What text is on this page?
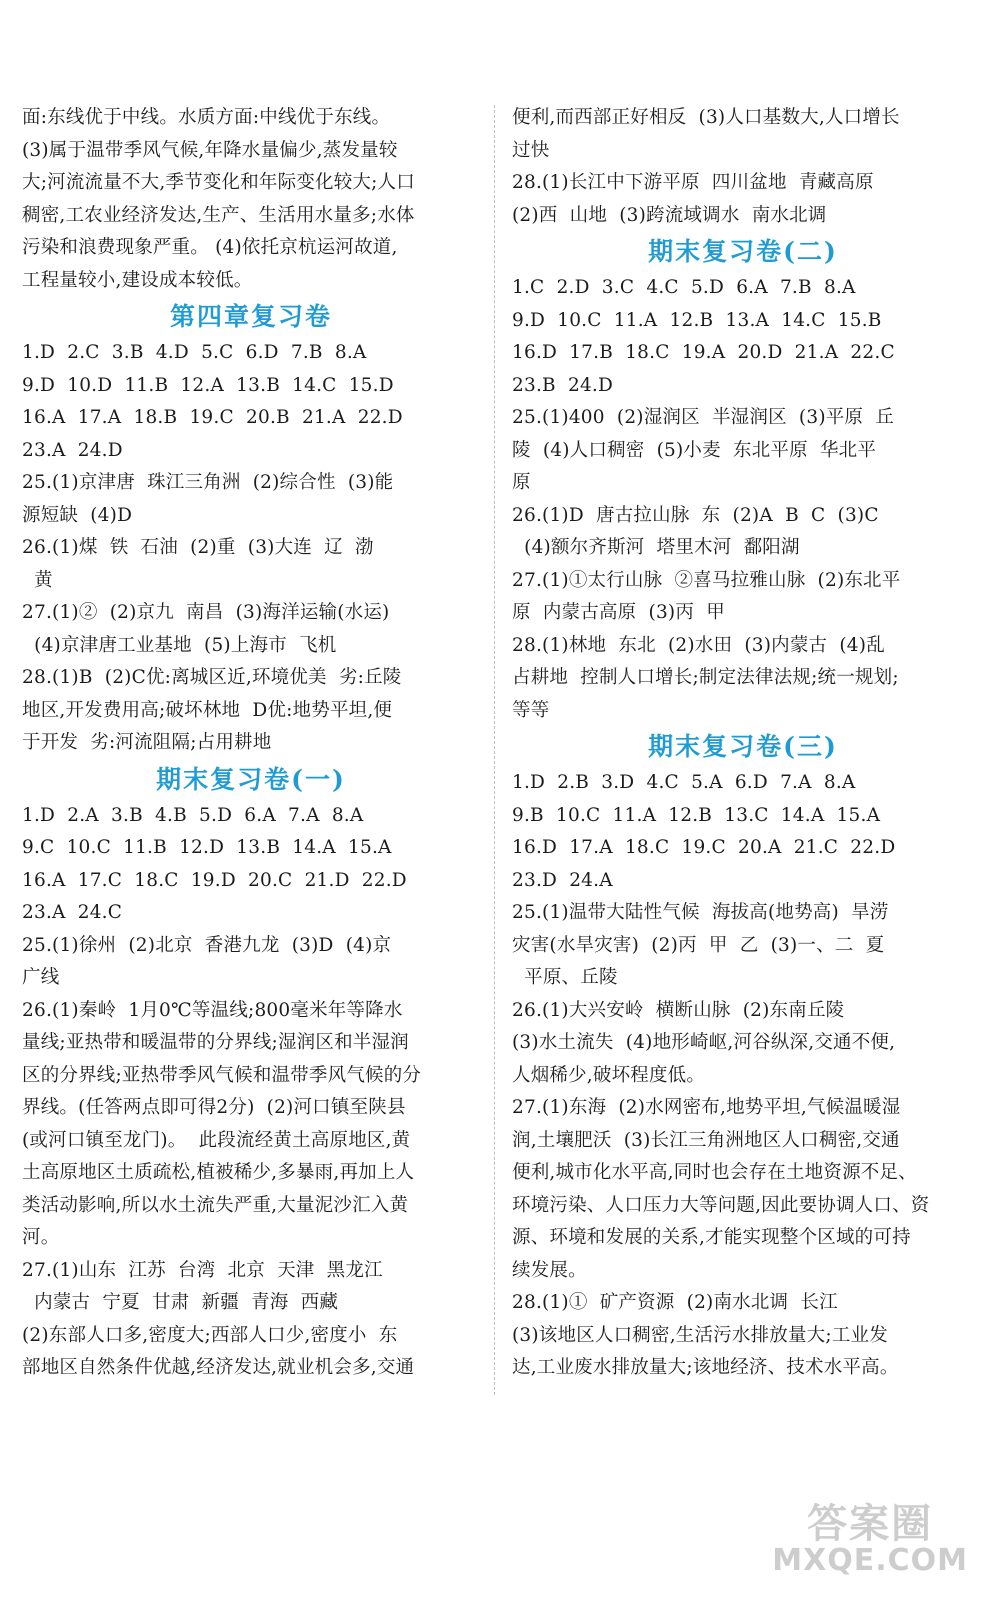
面:东线优于中线。水质方面:中线优于东线。
(3)属于温带季风气候,年降水量偏少,蒸发量较
大;河流流量不大,季节变化和年际变化较大;人口
稠密,工农业经济发达,生产、生活用水量多;水体
污染和浪费现象严重。 (4)依托京杭运河故道,
工程量较小,建设成本较低。
第四章复习卷
1.D  2.C  3.B  4.D  5.C  6.D  7.B  8.A
9.D  10.D  11.B  12.A  13.B  14.C  15.D
16.A  17.A  18.B  19.C  20.B  21.A  22.D
23.A  24.D
25.(1)京津唐  珠江三角洲  (2)综合性  (3)能
源短缺  (4)D
26.(1)煤  铁  石油  (2)重  (3)大连  辽  渤
黄
27.(1)②  (2)京九  南昌  (3)海洋运输(水运)
(4)京津唐工业基地  (5)上海市  飞机
28.(1)B  (2)C优:离城区近,环境优美  劣:丘陵
地区,开发费用高;破坏林地  D优:地势平坦,便
于开发  劣:河流阻隔;占用耕地
期末复习卷(一)
1.D  2.A  3.B  4.B  5.D  6.A  7.A  8.A
9.C  10.C  11.B  12.D  13.B  14.A  15.A
16.A  17.C  18.C  19.D  20.C  21.D  22.D
23.A  24.C
25.(1)徐州  (2)北京  香港九龙  (3)D  (4)京
广线
26.(1)秦岭  1月0℃等温线;800毫米年等降水
量线;亚热带和暖温带的分界线;湿润区和半湿润
区的分界线;亚热带季风气候和温带季风气候的分
界线。(任答两点即可得2分)  (2)河口镇至陕县
(或河口镇至龙门)。  此段流经黄土高原地区,黄
土高原地区土质疏松,植被稀少,多暴雨,再加上人
类活动影响,所以水土流失严重,大量泥沙汇入黄
河。
27.(1)山东  江苏  台湾  北京  天津  黑龙江
内蒙古  宁夏  甘肃  新疆  青海  西藏
(2)东部人口多,密度大;西部人口少,密度小  东
部地区自然条件优越,经济发达,就业机会多,交通
便利,而西部正好相反  (3)人口基数大,人口增长
过快
28.(1)长江中下游平原  四川盆地  青藏高原
(2)西  山地  (3)跨流域调水  南水北调
期末复习卷(二)
1.C  2.D  3.C  4.C  5.D  6.A  7.B  8.A
9.D  10.C  11.A  12.B  13.A  14.C  15.B
16.D  17.B  18.C  19.A  20.D  21.A  22.C
23.B  24.D
25.(1)400  (2)湿润区  半湿润区  (3)平原  丘
陵  (4)人口稠密  (5)小麦  东北平原  华北平
原
26.(1)D  唐古拉山脉  东  (2)A  B  C  (3)C
(4)额尔齐斯河  塔里木河  鄱阳湖
27.(1)①太行山脉  ②喜马拉雅山脉  (2)东北平
原  内蒙古高原  (3)丙  甲
28.(1)林地  东北  (2)水田  (3)内蒙古  (4)乱
占耕地  控制人口增长;制定法律法规;统一规划;
等等
期末复习卷(三)
1.D  2.B  3.D  4.C  5.A  6.D  7.A  8.A
9.B  10.C  11.A  12.B  13.C  14.A  15.A
16.D  17.A  18.C  19.C  20.A  21.C  22.D
23.D  24.A
25.(1)温带大陆性气候  海拔高(地势高)  旱涝
灾害(水旱灾害)  (2)丙  甲  乙  (3)一、二  夏
平原、丘陵
26.(1)大兴安岭  横断山脉  (2)东南丘陵
(3)水土流失  (4)地形崎岖,河谷纵深,交通不便,
人烟稀少,破坏程度低。
27.(1)东海  (2)水网密布,地势平坦,气候温暖湿
润,土壤肥沃  (3)长江三角洲地区人口稠密,交通
便利,城市化水平高,同时也会存在土地资源不足、
环境污染、人口压力大等问题,因此要协调人口、资
源、环境和发展的关系,才能实现整个区域的可持
续发展。
28.(1)①  矿产资源  (2)南水北调  长江
(3)该地区人口稠密,生活污水排放量大;工业发
达,工业废水排放量大;该地经济、技术水平高。
答案圈
MXQE.COM
